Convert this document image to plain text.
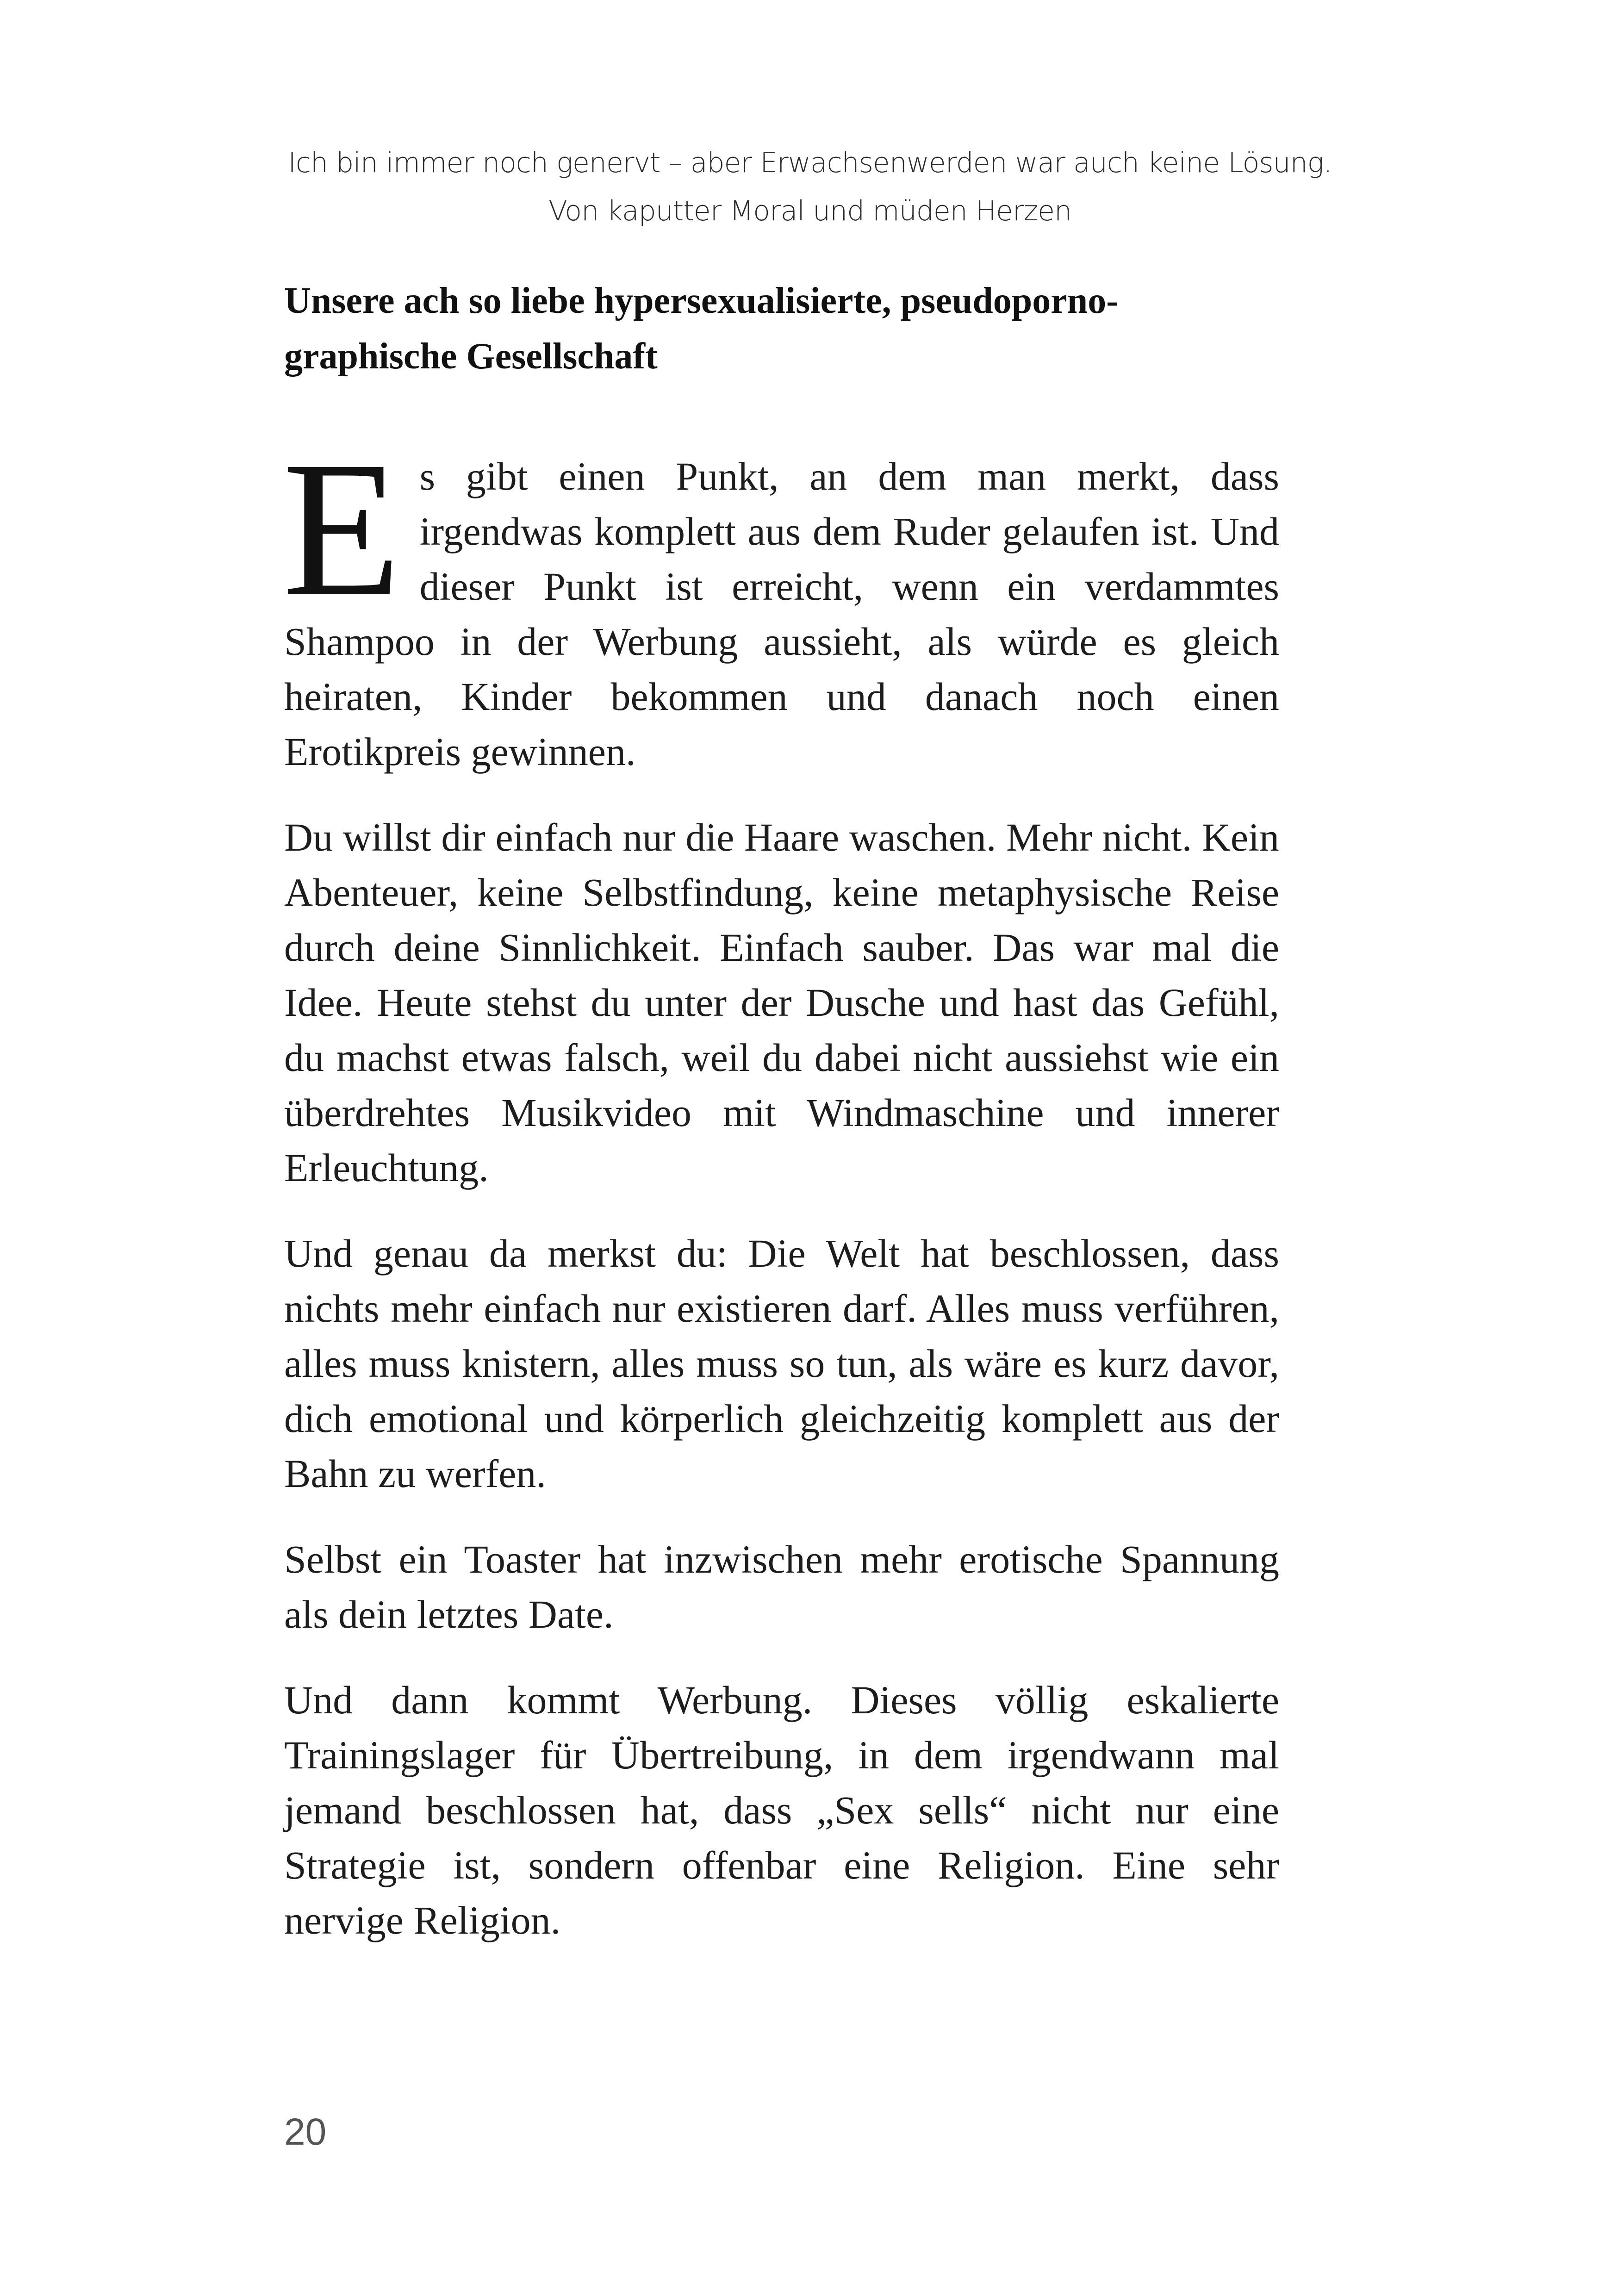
Ich bin immer noch genervt – aber Erwachsenwerden war auch keine Lösung.
Von kaputter Moral und müden Herzen
Unsere ach so liebe hypersexualisierte, pseudoporno-graphische Gesellschaft

Es gibt einen Punkt, an dem man merkt, dass irgendwas komplett aus dem Ruder gelaufen ist. Und dieser Punkt ist erreicht, wenn ein verdammtes Shampoo in der Werbung aussieht, als würde es gleich heiraten, Kinder bekommen und danach noch einen Erotikpreis gewinnen.

Du willst dir einfach nur die Haare waschen. Mehr nicht. Kein Abenteuer, keine Selbstfindung, keine metaphysische Reise durch deine Sinnlichkeit. Einfach sauber. Das war mal die Idee. Heute stehst du unter der Dusche und hast das Gefühl, du machst etwas falsch, weil du dabei nicht aussiehst wie ein überdrehtes Musikvideo mit Windmaschine und innerer Erleuchtung.

Und genau da merkst du: Die Welt hat beschlossen, dass nichts mehr einfach nur existieren darf. Alles muss verführen, alles muss knistern, alles muss so tun, als wäre es kurz davor, dich emotional und körperlich gleichzeitig komplett aus der Bahn zu werfen.

Selbst ein Toaster hat inzwischen mehr erotische Spannung als dein letztes Date.

Und dann kommt Werbung. Dieses völlig eskalierte Trainingslager für Übertreibung, in dem irgendwann mal jemand beschlossen hat, dass „Sex sells“ nicht nur eine Strategie ist, sondern offenbar eine Religion. Eine sehr nervige Religion.

20
